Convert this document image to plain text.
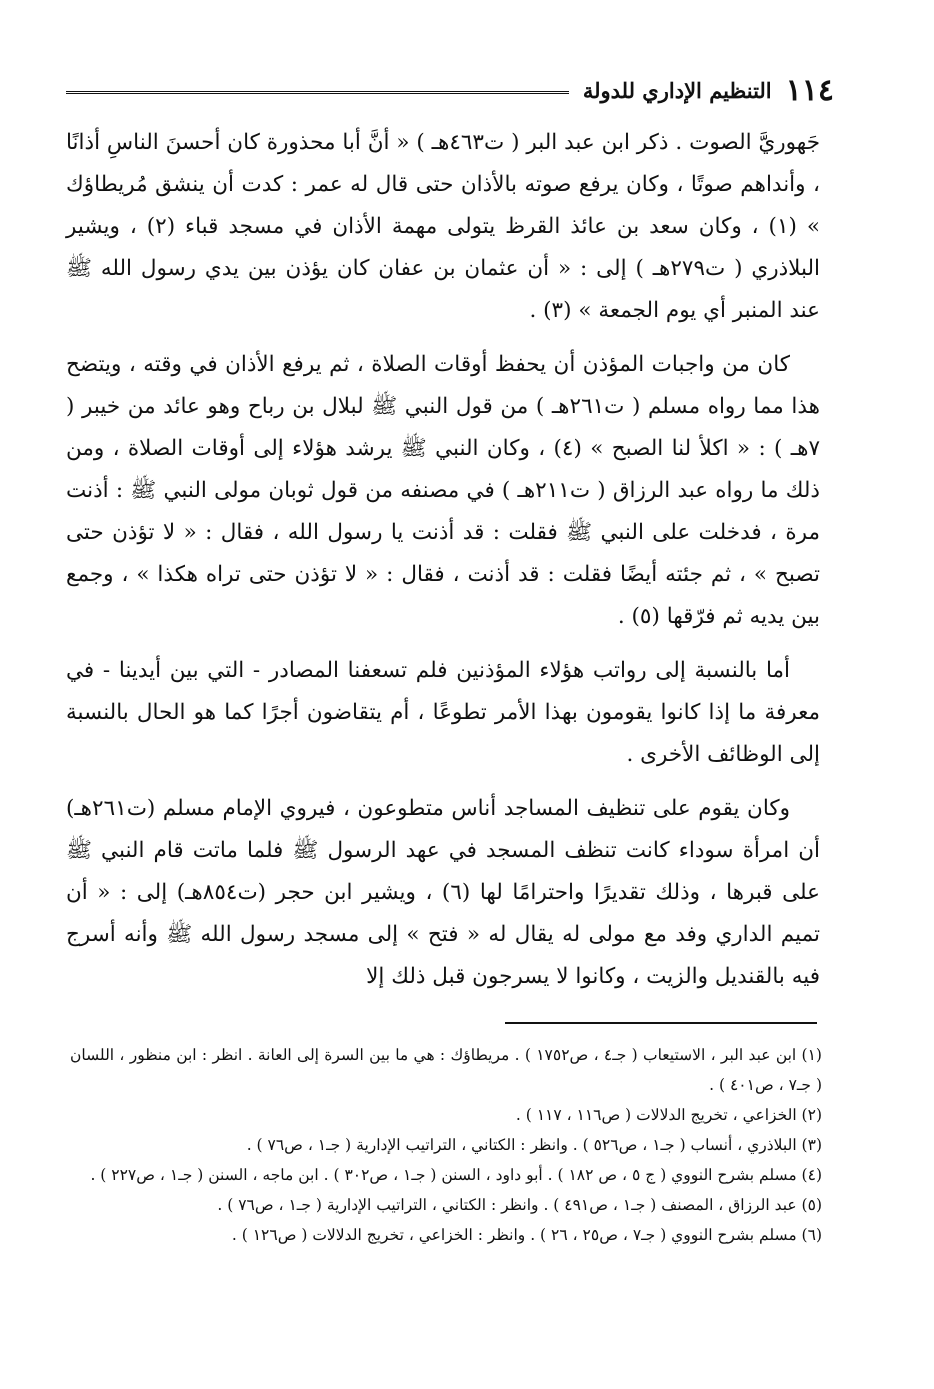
١١٤
التنظيم الإداري للدولة

جَهوريَّ الصوت . ذكر ابن عبد البر ( ت٤٦٣هـ ) « أنَّ أبا محذورة كان أحسنَ الناسِ أذانًا ، وأنداهم صوتًا ، وكان يرفع صوته بالأذان حتى قال له عمر : كدت أن ينشق مُريطاؤك » (١) ، وكان سعد بن عائذ القرظ يتولى مهمة الأذان في مسجد قباء (٢) ، ويشير البلاذري ( ت٢٧٩هـ ) إلى : « أن عثمان بن عفان كان يؤذن بين يدي رسول الله ﷺ عند المنبر أي يوم الجمعة » (٣) .

كان من واجبات المؤذن أن يحفظ أوقات الصلاة ، ثم يرفع الأذان في وقته ، ويتضح هذا مما رواه مسلم ( ت٢٦١هـ ) من قول النبي ﷺ لبلال بن رباح وهو عائد من خيبر ( ٧هـ ) : « اكلأ لنا الصبح » (٤) ، وكان النبي ﷺ يرشد هؤلاء إلى أوقات الصلاة ، ومن ذلك ما رواه عبد الرزاق ( ت٢١١هـ ) في مصنفه من قول ثوبان مولى النبي ﷺ : أذنت مرة ، فدخلت على النبي ﷺ فقلت : قد أذنت يا رسول الله ، فقال : « لا تؤذن حتى تصبح » ، ثم جئته أيضًا فقلت : قد أذنت ، فقال : « لا تؤذن حتى تراه هكذا » ، وجمع بين يديه ثم فرّقها (٥) .

أما بالنسبة إلى رواتب هؤلاء المؤذنين فلم تسعفنا المصادر - التي بين أيدينا - في معرفة ما إذا كانوا يقومون بهذا الأمر تطوعًا ، أم يتقاضون أجرًا كما هو الحال بالنسبة إلى الوظائف الأخرى .

وكان يقوم على تنظيف المساجد أناس متطوعون ، فيروي الإمام مسلم (ت٢٦١هـ) أن امرأة سوداء كانت تنظف المسجد في عهد الرسول ﷺ فلما ماتت قام النبي ﷺ على قبرها ، وذلك تقديرًا واحترامًا لها (٦) ، ويشير ابن حجر (ت٨٥٤هـ) إلى : « أن تميم الداري وفد مع مولى له يقال له « فتح » إلى مسجد رسول الله ﷺ وأنه أسرج فيه بالقنديل والزيت ، وكانوا لا يسرجون قبل ذلك إلا

(١) ابن عبد البر ، الاستيعاب ( جـ٤ ، ص١٧٥٢ ) . مريطاؤك : هي ما بين السرة إلى العانة . انظر : ابن منظور ، اللسان ( جـ٧ ، ص٤٠١ ) .

(٢) الخزاعي ، تخريج الدلالات ( ص١١٦ ، ١١٧ ) .

(٣) البلاذري ، أنساب ( جـ١ ، ص٥٢٦ ) . وانظر : الكتاني ، التراتيب الإدارية ( جـ١ ، ص٧٦ ) .

(٤) مسلم بشرح النووي ( ج ٥ ، ص ١٨٢ ) . أبو داود ، السنن ( جـ١ ، ص٣٠٢ ) . ابن ماجه ، السنن ( جـ١ ، ص٢٢٧ ) .

(٥) عبد الرزاق ، المصنف ( جـ١ ، ص٤٩١ ) . وانظر : الكتاني ، التراتيب الإدارية ( جـ١ ، ص٧٦ ) .

(٦) مسلم بشرح النووي ( جـ٧ ، ص٢٥ ، ٢٦ ) . وانظر : الخزاعي ، تخريج الدلالات ( ص١٢٦ ) .
